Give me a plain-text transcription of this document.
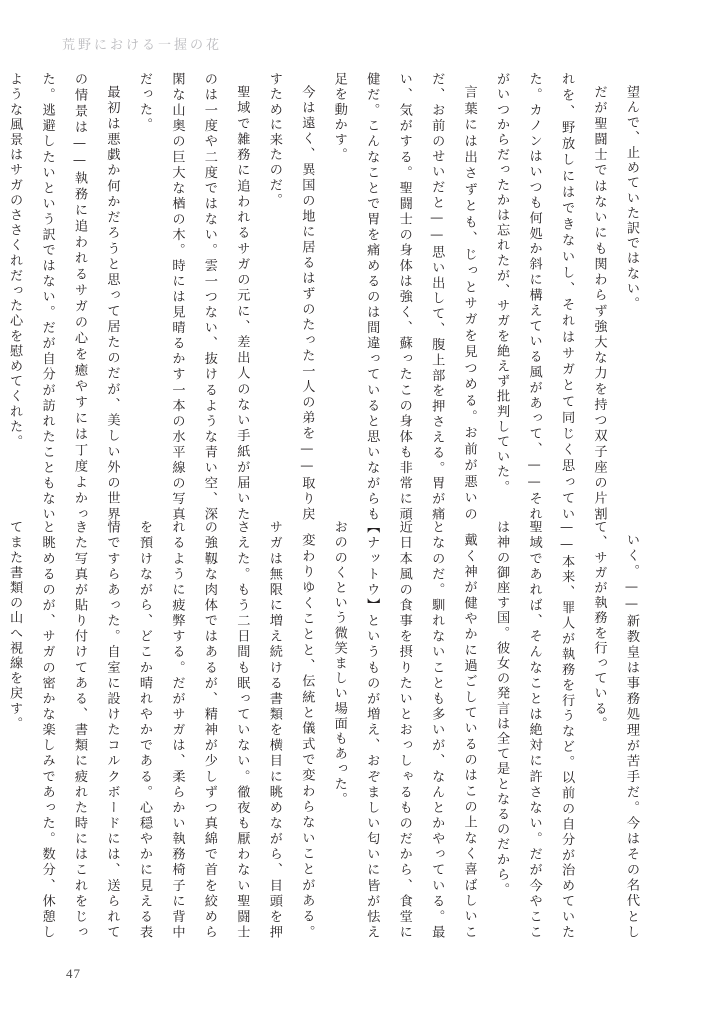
荒野における一握の花

望んで、止めていた訳ではない。

だが聖闘士ではないにも関わらず強大な力を持つ双子座の片割れを、野放しにはできないし、それはサガとて同じく思っていた。カノンはいつも何処か斜に構えている風があって、——それがいつからだったかは忘れたが、サガを絶えず批判していた。

言葉には出さずとも、じっとサガを見つめる。お前が悪いのだ、お前のせいだと——思い出して、腹上部を押さえる。胃が痛い、気がする。聖闘士の身体は強く、蘇ったこの身体も非常に頑健だ。こんなことで胃を痛めるのは間違っていると思いながらも足を動かす。

今は遠く、異国の地に居るはずのたった一人の弟を——取り戻すために来たのだ。

聖域で雑務に追われるサガの元に、差出人のない手紙が届いたのは一度や二度ではない。雲一つない、抜けるような青い空、深閑な山奥の巨大な楢の木。時には見晴るかす一本の水平線の写真だった。

最初は悪戯か何かだろうと思って居たのだが、美しい外の世界の情景は——執務に追われるサガの心を癒やすには丁度よかった。逃避したいという訳ではない。だが自分が訪れたこともないような風景はサガのささくれだった心を慰めてくれた。

いく。——新教皇は事務処理が苦手だ。今はその名代として、サガが執務を行っている。

——本来、罪人が執務を行うなど。以前の自分が治めていた聖域であれば、そんなことは絶対に許さない。だが今やここは神の御座す国。彼女の発言は全て是となるのだから。

戴く神が健やかに過ごしているのはこの上なく喜ばしいことなのだ。馴れないことも多いが、なんとかやっている。最近日本風の食事を摂りたいとおっしゃるものだから、食堂に【ナットウ】というものが増え、おぞましい匂いに皆が怯えおののくという微笑ましい場面もあった。

変わりゆくことと、伝統と儀式で変わらないことがある。サガは無限に増え続ける書類を横目に眺めながら、目頭を押さえた。もう二日間も眠っていない。徹夜も厭わない聖闘士の強靱な肉体ではあるが、精神が少しずつ真綿で首を絞められるように疲弊する。だがサガは、柔らかい執務椅子に背中を預けながら、どこか晴れやかである。心穏やかに見える表情ですらあった。自室に設けたコルクボードには、送られてきた写真が貼り付けてある、書類に疲れた時にはこれをじっと眺めるのが、サガの密かな楽しみであった。数分、休憩してまた書類の山へ視線を戻す。

47
